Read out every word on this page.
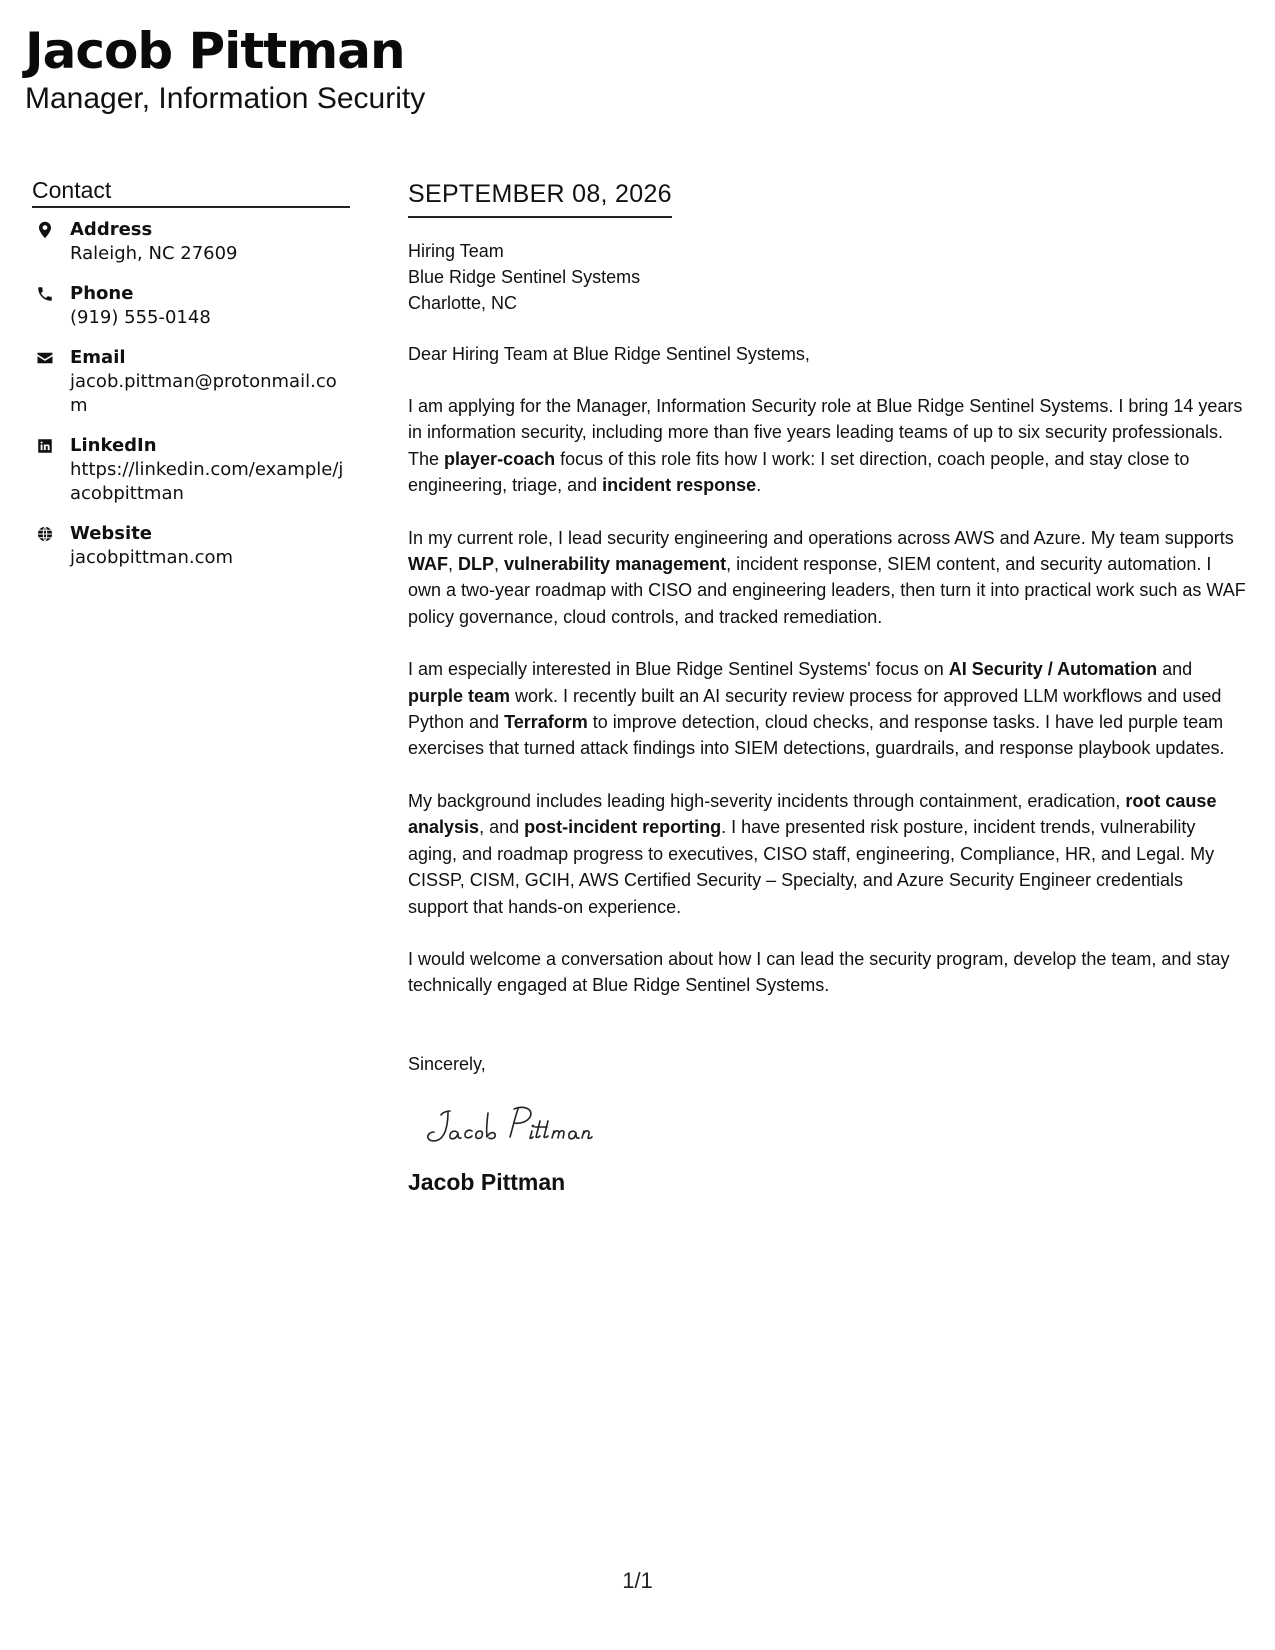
Jacob Pittman
Manager, Information Security
Contact
Address
Raleigh, NC 27609
Phone
(919) 555-0148
Email
jacob.pittman@protonmail.com
LinkedIn
https://linkedin.com/example/jacobpittman
Website
jacobpittman.com
SEPTEMBER 08, 2026
Hiring Team
Blue Ridge Sentinel Systems
Charlotte, NC
Dear Hiring Team at Blue Ridge Sentinel Systems,
I am applying for the Manager, Information Security role at Blue Ridge Sentinel Systems. I bring 14 years in information security, including more than five years leading teams of up to six security professionals. The player-coach focus of this role fits how I work: I set direction, coach people, and stay close to engineering, triage, and incident response.
In my current role, I lead security engineering and operations across AWS and Azure. My team supports WAF, DLP, vulnerability management, incident response, SIEM content, and security automation. I own a two-year roadmap with CISO and engineering leaders, then turn it into practical work such as WAF policy governance, cloud controls, and tracked remediation.
I am especially interested in Blue Ridge Sentinel Systems' focus on AI Security / Automation and purple team work. I recently built an AI security review process for approved LLM workflows and used Python and Terraform to improve detection, cloud checks, and response tasks. I have led purple team exercises that turned attack findings into SIEM detections, guardrails, and response playbook updates.
My background includes leading high-severity incidents through containment, eradication, root cause analysis, and post-incident reporting. I have presented risk posture, incident trends, vulnerability aging, and roadmap progress to executives, CISO staff, engineering, Compliance, HR, and Legal. My CISSP, CISM, GCIH, AWS Certified Security – Specialty, and Azure Security Engineer credentials support that hands-on experience.
I would welcome a conversation about how I can lead the security program, develop the team, and stay technically engaged at Blue Ridge Sentinel Systems.
Sincerely,
Jacob Pittman
1/1
